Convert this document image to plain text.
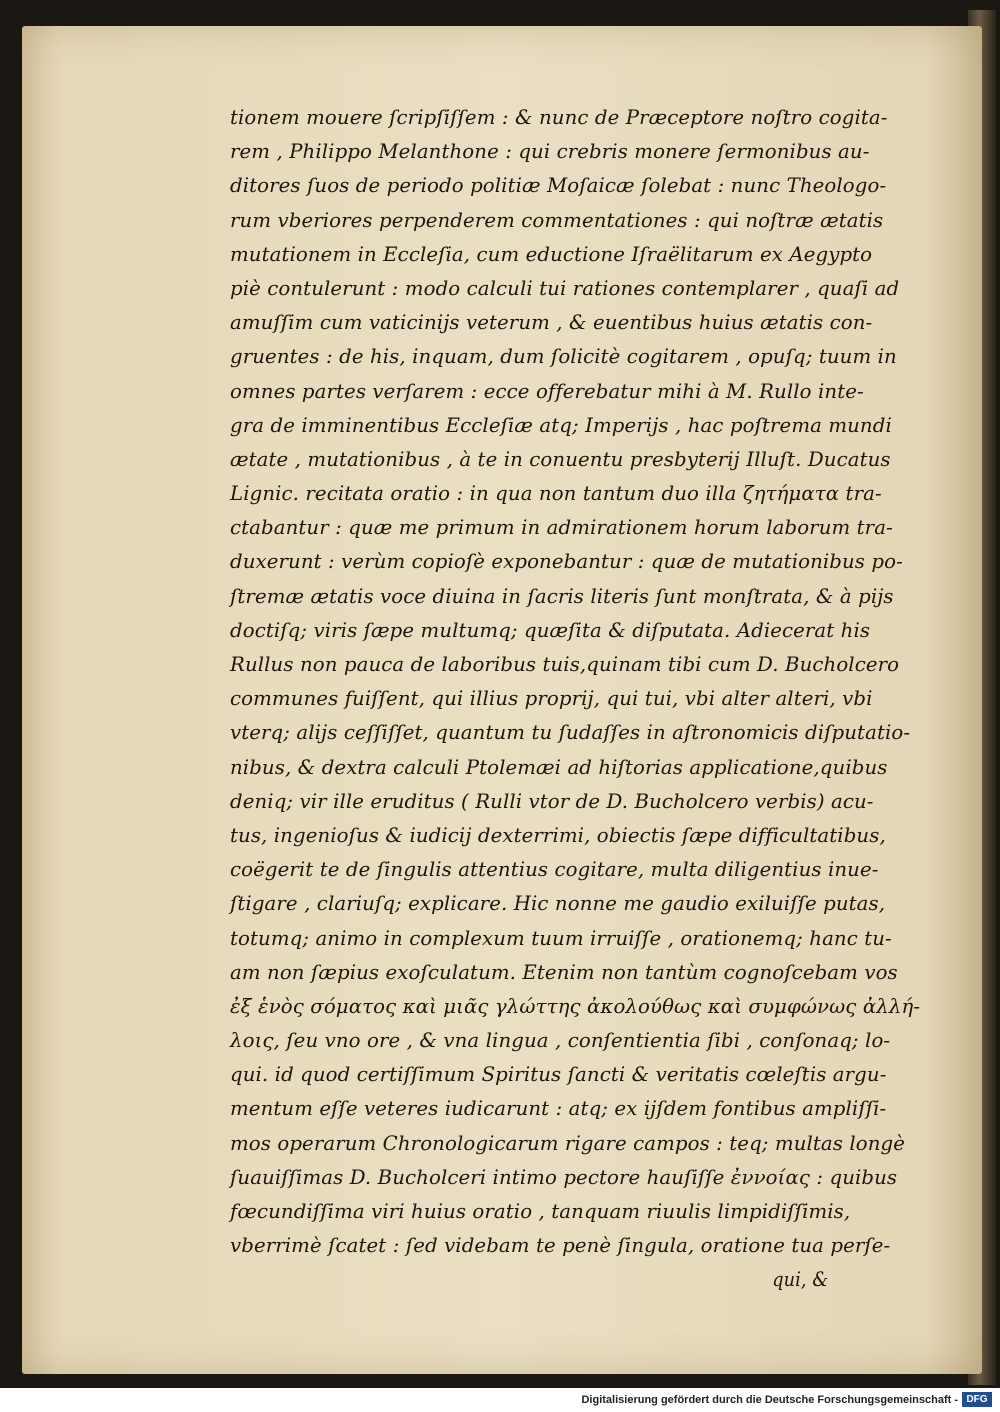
tionem mouere ſcripſiſſem : & nunc de Præceptore noſtro cogita-
rem , Philippo Melanthone : qui crebris monere ſermonibus au-
ditores ſuos de periodo politiæ Moſaicæ ſolebat : nunc Theologo-
rum vberiores perpenderem commentationes : qui noſtræ ætatis
mutationem in Eccleſia, cum eductione Iſraëlitarum ex Aegypto
piè contulerunt : modo calculi tui rationes contemplarer , quaſi ad
amuſſim cum vaticinijs veterum , & euentibus huius ætatis con-
gruentes : de his, inquam, dum ſolicitè cogitarem , opuſq; tuum in
omnes partes verſarem : ecce offerebatur mihi à M. Rullo inte-
gra de imminentibus Eccleſiæ atq; Imperijs , hac poſtrema mundi
ætate , mutationibus , à te in conuentu presbyterij Illuſt. Ducatus
Lignic. recitata oratio : in qua non tantum duo illa ζητήματα tra-
ctabantur : quæ me primum in admirationem horum laborum tra-
duxerunt : verùm copioſè exponebantur : quæ de mutationibus po-
ſtremæ ætatis voce diuina in ſacris literis ſunt monſtrata, & à pijs
doctiſq; viris ſæpe multumq; quæſita & diſputata. Adiecerat his
Rullus non pauca de laboribus tuis,quinam tibi cum D. Bucholcero
communes fuiſſent, qui illius proprij, qui tui, vbi alter alteri, vbi
vterq; alijs ceſſiſſet, quantum tu ſudaſſes in aſtronomicis diſputatio-
nibus, & dextra calculi Ptolemæi ad hiſtorias applicatione,quibus
deniq; vir ille eruditus ( Rulli vtor de D. Bucholcero verbis) acu-
tus, ingenioſus & iudicij dexterrimi, obiectis ſæpe difficultatibus,
coëgerit te de ſingulis attentius cogitare, multa diligentius inue-
ſtigare , clariuſq; explicare. Hic nonne me gaudio exiluiſſe putas,
totumq; animo in complexum tuum irruiſſe , orationemq; hanc tu-
am non ſæpius exoſculatum. Etenim non tantùm cognoſcebam vos
ἐξ ἑνὸς σόματος καὶ μιᾶς γλώττης ἀκολούθως καὶ συμφώνως ἀλλή-
λοις, ſeu vno ore , & vna lingua , conſentientia ſibi , conſonaq; lo-
qui. id quod certiſſimum Spiritus ſancti & veritatis cœleſtis argu-
mentum eſſe veteres iudicarunt : atq; ex ijſdem fontibus ampliſſi-
mos operarum Chronologicarum rigare campos : teq; multas longè
ſuauiſſimas D. Bucholceri intimo pectore hauſiſſe ἐννοίας : quibus
fœcundiſſima viri huius oratio , tanquam riuulis limpidiſſimis,
vberrimè ſcatet : ſed videbam te penè ſingula, oratione tua perſe-
qui, &
Digitalisierung gefördert durch die Deutsche Forschungsgemeinschaft - DFG
